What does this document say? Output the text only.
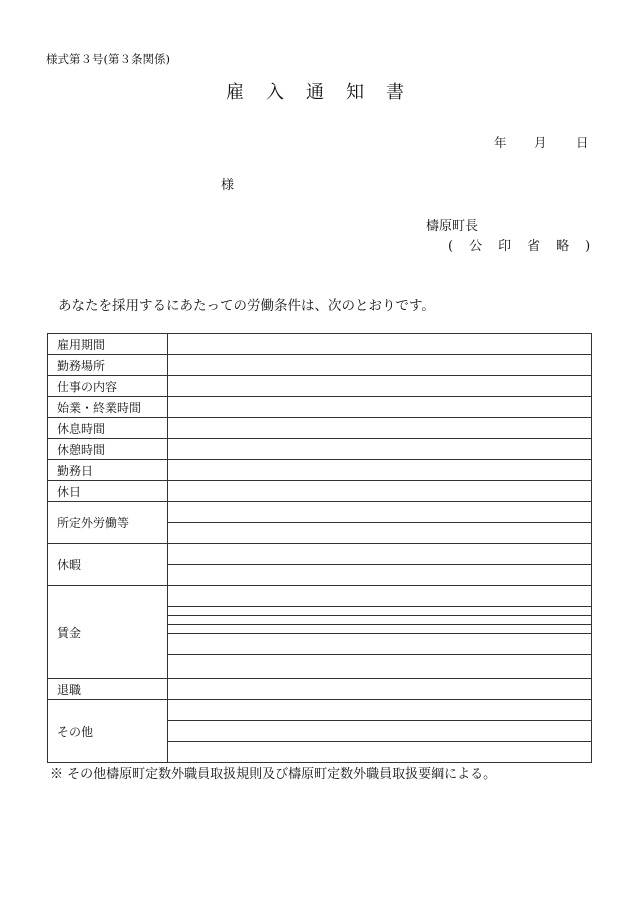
様式第３号(第３条関係)
雇 入 通 知 書
年 月 日
様
檮原町長
( 公 印 省 略 )
あなたを採用するにあたっての労働条件は、次のとおりです。
雇用期間	
勤務場所	
仕事の内容	
始業・終業時間	
休息時間	
休憩時間	
勤務日	
休日	
所定外労働等	

休暇	

賃金	

退職	
その他	

※ その他檮原町定数外職員取扱規則及び檮原町定数外職員取扱要綱による。
